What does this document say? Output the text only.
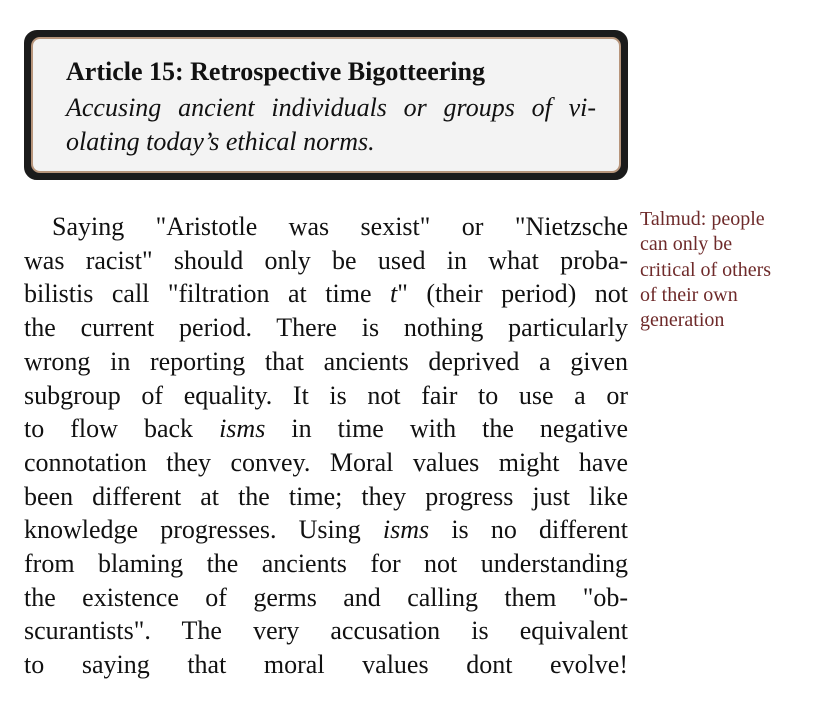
Article 15: Retrospective Bigotteering

Accusing ancient individuals or groups of vi-
olating today’s ethical norms.

Saying "Aristotle was sexist" or "Nietzsche
was racist" should only be used in what proba-
bilistis call "filtration at time t" (their period) not
the current period. There is nothing particularly
wrong in reporting that ancients deprived a given
subgroup of equality. It is not fair to use a or
to flow back isms in time with the negative
connotation they convey. Moral values might have
been different at the time; they progress just like
knowledge progresses. Using isms is no different
from blaming the ancients for not understanding
the existence of germs and calling them "ob-
scurantists". The very accusation is equivalent
to saying that moral values dont evolve!
Talmud: people
can only be
critical of others
of their own
generation
